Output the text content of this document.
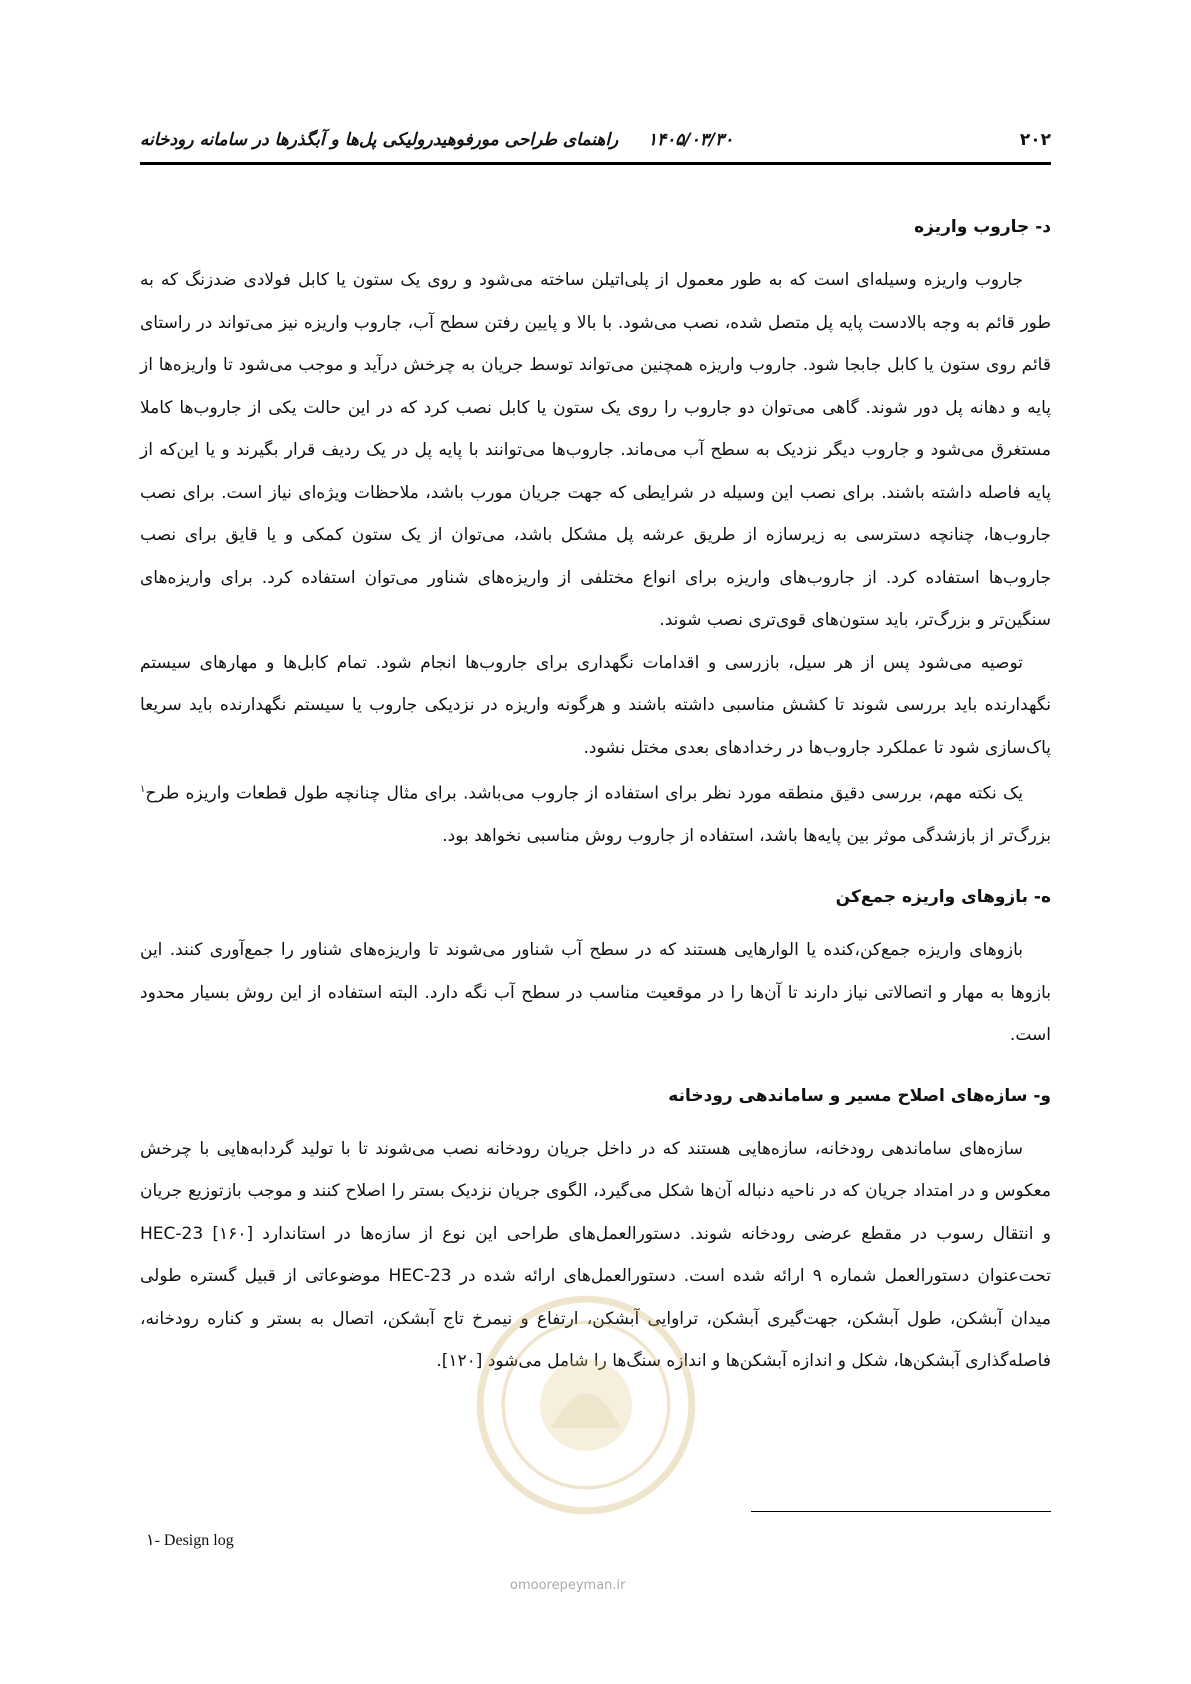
۲۰۲
۱۴۰۵/۰۳/۳۰     راهنمای طراحی مورفوهیدرولیکی پل‌ها و آبگذرها در سامانه رودخانه
د- جاروب واریزه

جاروب واریزه وسیله‌ای است که به طور معمول از پلی‌اتیلن ساخته می‌شود و روی یک ستون یا کابل فولادی ضدزنگ که به طور قائم به وجه بالادست پایه پل متصل شده، نصب می‌شود. با بالا و پایین رفتن سطح آب، جاروب واریزه نیز می‌تواند در راستای قائم روی ستون یا کابل جابجا شود. جاروب واریزه همچنین می‌تواند توسط جریان به چرخش درآید و موجب می‌شود تا واریزه‌ها از پایه و دهانه پل دور شوند. گاهی می‌توان دو جاروب را روی یک ستون یا کابل نصب کرد که در این حالت یکی از جاروب‌ها کاملا مستغرق می‌شود و جاروب دیگر نزدیک به سطح آب می‌ماند. جاروب‌ها می‌توانند با پایه پل در یک ردیف قرار بگیرند و یا این‌که از پایه فاصله داشته باشند. برای نصب این وسیله در شرایطی که جهت جریان مورب باشد، ملاحظات ویژه‌ای نیاز است. برای نصب جاروب‌ها، چنانچه دسترسی به زیرسازه از طریق عرشه پل مشکل باشد، می‌توان از یک ستون کمکی و یا قایق برای نصب جاروب‌ها استفاده کرد. از جاروب‌های واریزه برای انواع مختلفی از واریزه‌های شناور می‌توان استفاده کرد. برای واریزه‌های سنگین‌تر و بزرگ‌تر، باید ستون‌های قوی‌تری نصب شوند.

توصیه می‌شود پس از هر سیل، بازرسی و اقدامات نگهداری برای جاروب‌ها انجام شود. تمام کابل‌ها و مهارهای سیستم نگهدارنده باید بررسی شوند تا کشش مناسبی داشته باشند و هرگونه واریزه در نزدیکی جاروب یا سیستم نگهدارنده باید سریعا پاک‌سازی شود تا عملکرد جاروب‌ها در رخدادهای بعدی مختل نشود.

یک نکته مهم، بررسی دقیق منطقه مورد نظر برای استفاده از جاروب می‌باشد. برای مثال چنانچه طول قطعات واریزه طرح$^۱$ بزرگ‌تر از بازشدگی موثر بین پایه‌ها باشد، استفاده از جاروب روش مناسبی نخواهد بود.

ه- بازوهای واریزه جمع‌کن

بازوهای واریزه جمع‌کن،کنده یا الوارهایی هستند که در سطح آب شناور می‌شوند تا واریزه‌های شناور را جمع‌آوری کنند. این بازوها به مهار و اتصالاتی نیاز دارند تا آن‌ها را در موقعیت مناسب در سطح آب نگه دارد. البته استفاده از این روش بسیار محدود است.

و- سازه‌های اصلاح مسیر و ساماندهی رودخانه

سازه‌های ساماندهی رودخانه، سازه‌هایی هستند که در داخل جریان رودخانه نصب می‌شوند تا با تولید گردابه‌هایی با چرخش معکوس و در امتداد جریان که در ناحیه دنباله آن‌ها شکل می‌گیرد، الگوی جریان نزدیک بستر را اصلاح کنند و موجب بازتوزیع جریان و انتقال رسوب در مقطع عرضی رودخانه شوند. دستورالعمل‌های طراحی این نوع از سازه‌ها در استاندارد HEC-23 [۱۶۰] تحت‌عنوان دستورالعمل شماره ۹ ارائه شده است. دستورالعمل‌های ارائه شده در HEC-23 موضوعاتی از قبیل گستره طولی میدان آبشکن، طول آبشکن، جهت‌گیری آبشکن، تراوایی آبشکن، ارتفاع و نیمرخ تاج آبشکن، اتصال به بستر و کناره رودخانه، فاصله‌گذاری آبشکن‌ها، شکل و اندازه آبشکن‌ها و اندازه سنگ‌ها را شامل می‌شود [۱۲۰].

۱- Design log
omoorepeyman.ir
